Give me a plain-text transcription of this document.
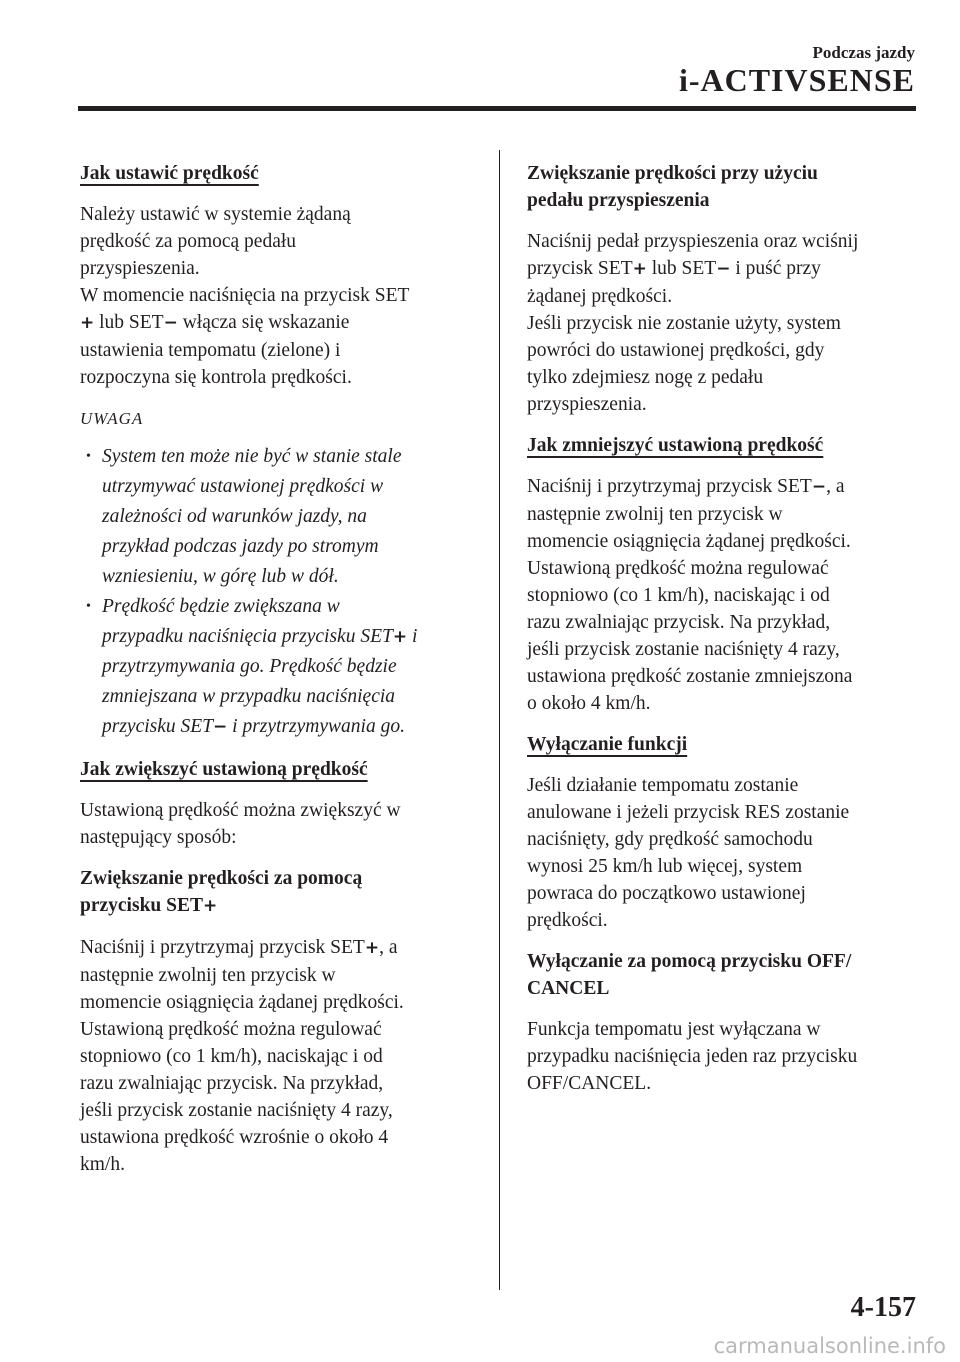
Podczas jazdy
i-ACTIVSENSE
Jak ustawić prędkość

Należy ustawić w systemie żądaną
prędkość za pomocą pedału
przyspieszenia.
W momencie naciśnięcia na przycisk SET
+ lub SET− włącza się wskazanie
ustawienia tempomatu (zielone) i
rozpoczyna się kontrola prędkości.

UWAGA
• System ten może nie być w stanie stale
utrzymywać ustawionej prędkości w
zależności od warunków jazdy, na
przykład podczas jazdy po stromym
wzniesieniu, w górę lub w dół.
• Prędkość będzie zwiększana w
przypadku naciśnięcia przycisku SET+ i
przytrzymywania go. Prędkość będzie
zmniejszana w przypadku naciśnięcia
przycisku SET− i przytrzymywania go.
Jak zwiększyć ustawioną prędkość

Ustawioną prędkość można zwiększyć w
następujący sposób:

Zwiększanie prędkości za pomocą
przycisku SET+

Naciśnij i przytrzymaj przycisk SET+, a
następnie zwolnij ten przycisk w
momencie osiągnięcia żądanej prędkości.
Ustawioną prędkość można regulować
stopniowo (co 1 km/h), naciskając i od
razu zwalniając przycisk. Na przykład,
jeśli przycisk zostanie naciśnięty 4 razy,
ustawiona prędkość wzrośnie o około 4
km/h.

Zwiększanie prędkości przy użyciu
pedału przyspieszenia

Naciśnij pedał przyspieszenia oraz wciśnij
przycisk SET+ lub SET− i puść przy
żądanej prędkości.
Jeśli przycisk nie zostanie użyty, system
powróci do ustawionej prędkości, gdy
tylko zdejmiesz nogę z pedału
przyspieszenia.

Jak zmniejszyć ustawioną prędkość

Naciśnij i przytrzymaj przycisk SET−, a
następnie zwolnij ten przycisk w
momencie osiągnięcia żądanej prędkości.
Ustawioną prędkość można regulować
stopniowo (co 1 km/h), naciskając i od
razu zwalniając przycisk. Na przykład,
jeśli przycisk zostanie naciśnięty 4 razy,
ustawiona prędkość zostanie zmniejszona
o około 4 km/h.

Wyłączanie funkcji

Jeśli działanie tempomatu zostanie
anulowane i jeżeli przycisk RES zostanie
naciśnięty, gdy prędkość samochodu
wynosi 25 km/h lub więcej, system
powraca do początkowo ustawionej
prędkości.

Wyłączanie za pomocą przycisku OFF/
CANCEL

Funkcja tempomatu jest wyłączana w
przypadku naciśnięcia jeden raz przycisku
OFF/CANCEL.

4-157
carmanualsonline.info
